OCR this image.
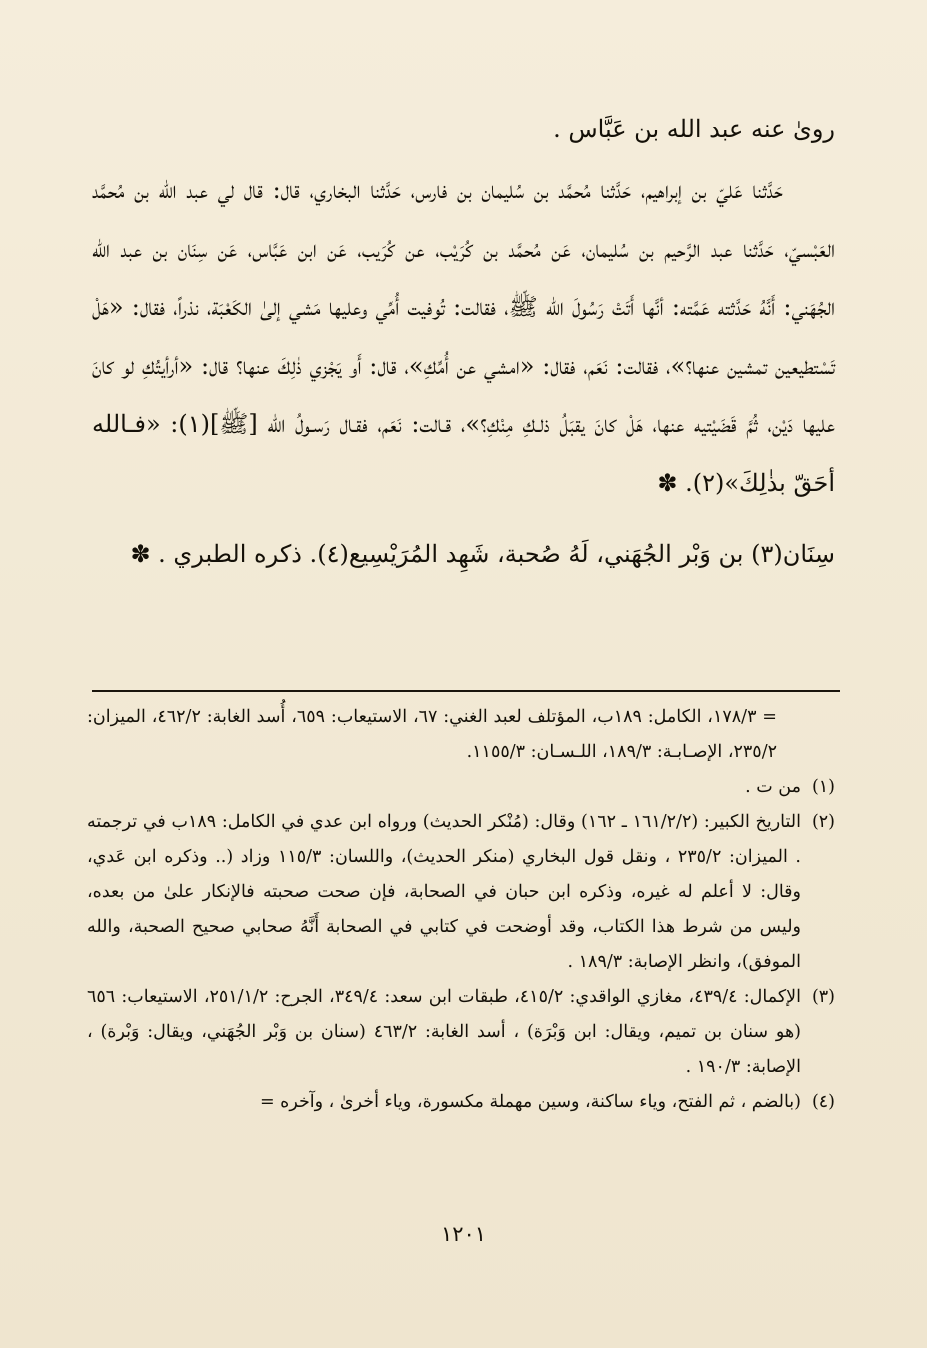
رویٰ عنه عبد الله بن عَبَّاس .

حَدَّثنا عَليّ بن إبراهيم، حَدَّثنا مُحمَّد بن سُليمان بن فارس، حَدَّثنا البخاري، قال: قال لي عبد الله بن مُحمَّد العَبْسيّ، حَدَّثنا عبد الرَّحيم بن سُليمان، عَن مُحمَّد بن كُرَيْب، عن كُرَيب، عَن ابن عَبَّاس، عَن سِنَان بن عبد الله الجُهَني: أَنَّهُ حَدَّثته عَمَّته: أنَّها أَتَتْ رَسُولَ الله ﷺ، فقالت: تُوفيت أُمِّي وعليها مَشي إلىٰ الكَعْبَة، نذراً، فقال: «هَلْ تَسْتطيعين تمشين عنها؟»، فقالت: نَعَم، فقال: «امشي عن أُمِّكِ»، قال: أَو يَجْزي ذٰلِكَ عنها؟ قال: «أرأيتُكِ لو كانَ عليها دَيْن، ثُمَّ قَضَيْتيه عنها، هَلْ كانَ يقبَلُ ذلـكِ مِنْكِ؟»، قـالت: نَعَم، فقـال رَسـولُ الله [ﷺ](١): «فـالله أحَقّ بذٰلِكَ»(٢). ✽

سِنَان(٣) بن وَبْر الجُهَني، لَهُ صُحبة، شَهِد المُرَيْسِيع(٤). ذكره الطبري . ✽

= ١٧٨/٣، الكامل: ١٨٩ب، المؤتلف لعبد الغني: ٦٧، الاستيعاب: ٦٥٩، أُسد الغابة: ٤٦٢/٢، الميزان: ٢٣٥/٢، الإصـابـة: ١٨٩/٣، اللـسـان: ١١٥٥/٣.

(١)
من ت .

(٢)
التاريخ الكبير: (١٦١/٢/٢ ـ ١٦٢) وقال: (مُنْكر الحديث) ورواه ابن عدي في الكامل: ١٨٩ب في ترجمته . الميزان: ٢٣٥/٢ ، ونقل قول البخاري (منكر الحديث)، واللسان: ١١٥/٣ وزاد (.. وذكره ابن عَدي، وقال: لا أعلم له غيره، وذكره ابن حبان في الصحابة، فإن صحت صحبته فالإنكار علىٰ من بعده، وليس من شرط هذا الكتاب، وقد أوضحت في كتابي في الصحابة أَنَّهُ صحابي صحيح الصحبة، والله الموفق)، وانظر الإصابة: ١٨٩/٣ .

(٣)
الإكمال: ٤٣٩/٤، مغازي الواقدي: ٤١٥/٢، طبقات ابن سعد: ٣٤٩/٤، الجرح: ٢٥١/١/٢، الاستيعاب: ٦٥٦ (هو سنان بن تميم، ويقال: ابن وَبْرَة) ، أسد الغابة: ٤٦٣/٢ (سنان بن وَبْر الجُهَني، ويقال: وَبْرة) ، الإصابة: ١٩٠/٣ .

(٤)
(بالضم ، ثم الفتح، وياء ساكنة، وسين مهملة مكسورة، وياء أخرىٰ ، وآخره =

١٢٠١
